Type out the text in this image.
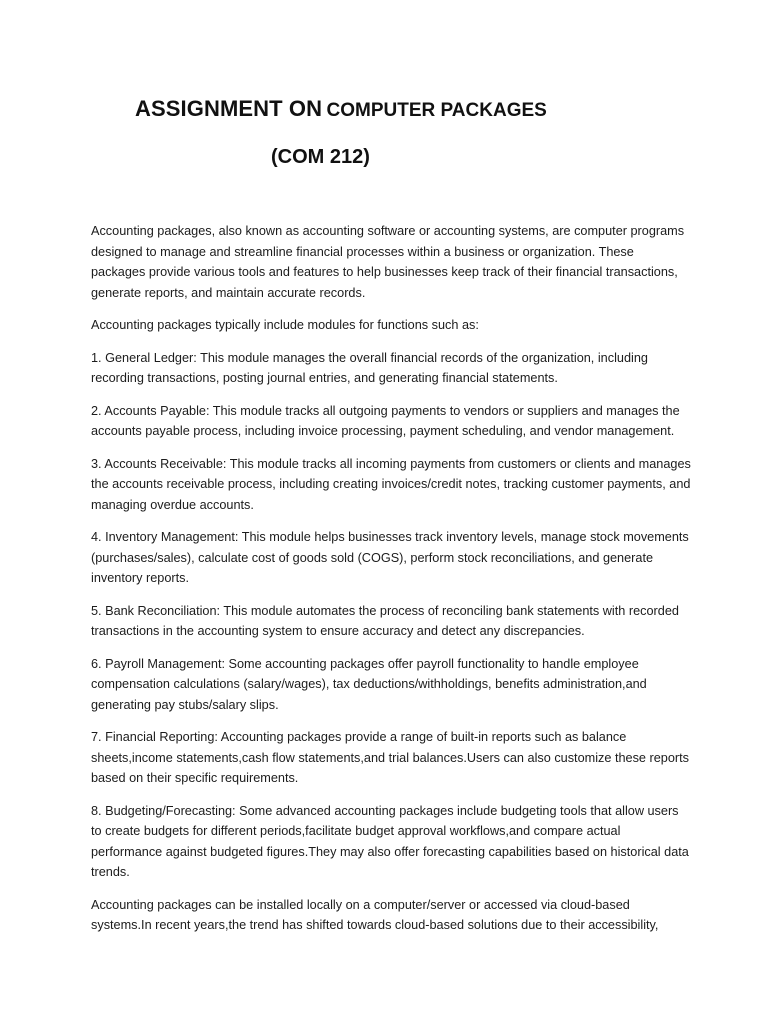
ASSIGNMENT ON COMPUTER PACKAGES
(COM 212)

Accounting packages, also known as accounting software or accounting systems, are computer programs designed to manage and streamline financial processes within a business or organization. These packages provide various tools and features to help businesses keep track of their financial transactions, generate reports, and maintain accurate records.

Accounting packages typically include modules for functions such as:

1. General Ledger: This module manages the overall financial records of the organization, including recording transactions, posting journal entries, and generating financial statements.

2. Accounts Payable: This module tracks all outgoing payments to vendors or suppliers and manages the accounts payable process, including invoice processing, payment scheduling, and vendor management.

3. Accounts Receivable: This module tracks all incoming payments from customers or clients and manages the accounts receivable process, including creating invoices/credit notes, tracking customer payments, and managing overdue accounts.

4. Inventory Management: This module helps businesses track inventory levels, manage stock movements (purchases/sales), calculate cost of goods sold (COGS), perform stock reconciliations, and generate inventory reports.

5. Bank Reconciliation: This module automates the process of reconciling bank statements with recorded transactions in the accounting system to ensure accuracy and detect any discrepancies.

6. Payroll Management: Some accounting packages offer payroll functionality to handle employee compensation calculations (salary/wages), tax deductions/withholdings, benefits administration,and generating pay stubs/salary slips.

7. Financial Reporting: Accounting packages provide a range of built-in reports such as balance sheets,income statements,cash flow statements,and trial balances.Users can also customize these reports based on their specific requirements.

8. Budgeting/Forecasting: Some advanced accounting packages include budgeting tools that allow users to create budgets for different periods,facilitate budget approval workflows,and compare actual performance against budgeted figures.They may also offer forecasting capabilities based on historical data trends.

Accounting packages can be installed locally on a computer/server or accessed via cloud-based systems.In recent years,the trend has shifted towards cloud-based solutions due to their accessibility,
